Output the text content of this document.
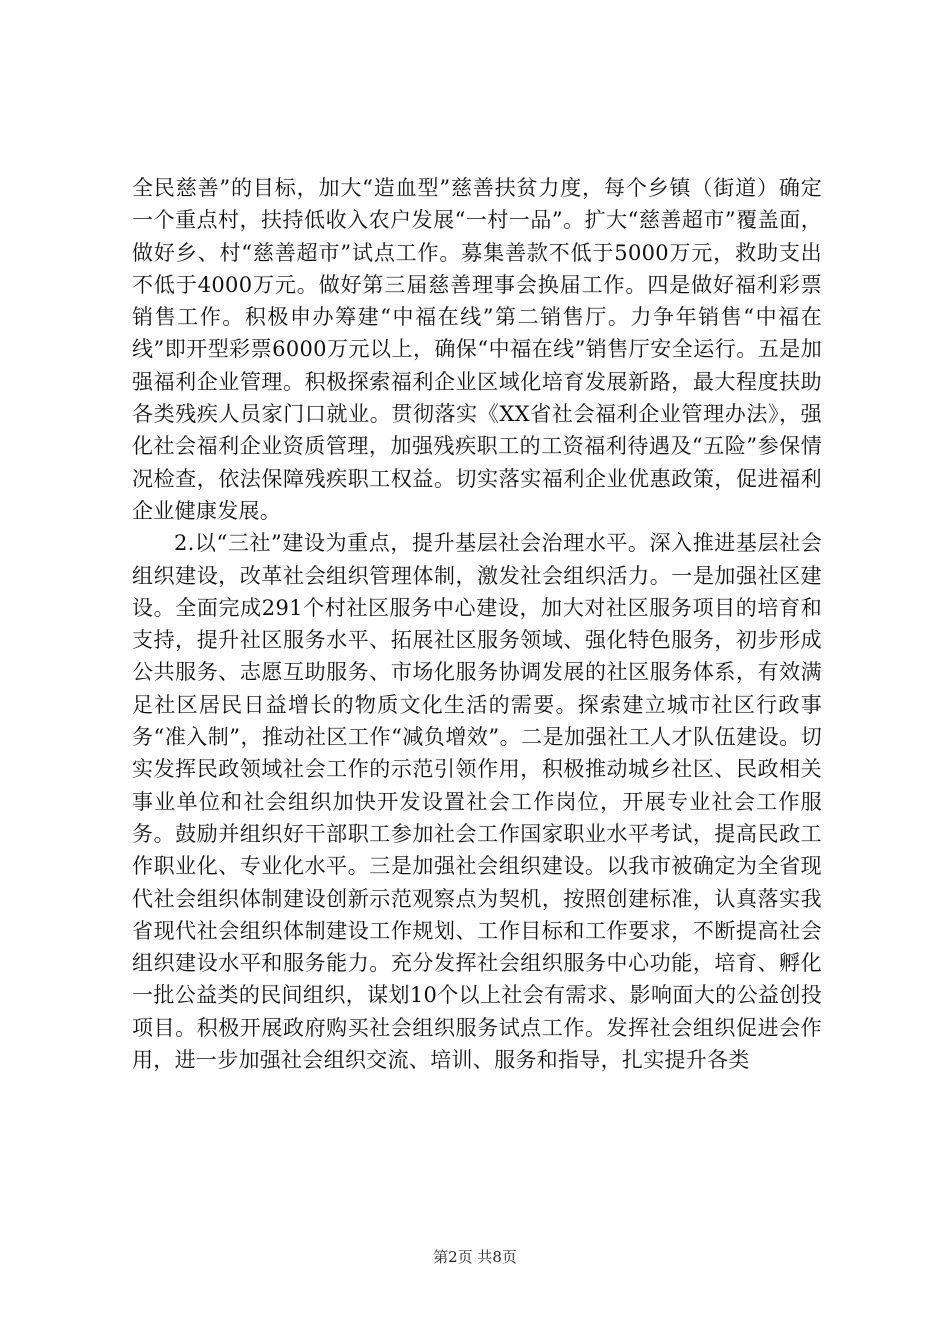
全民慈善”的目标，加大“造血型”慈善扶贫力度，每个乡镇（街道）确定一个重点村，扶持低收入农户发展“一村一品”。扩大“慈善超市”覆盖面，做好乡、村“慈善超市”试点工作。募集善款不低于5000万元，救助支出不低于4000万元。做好第三届慈善理事会换届工作。四是做好福利彩票销售工作。积极申办筹建“中福在线”第二销售厅。力争年销售“中福在线”即开型彩票6000万元以上，确保“中福在线”销售厅安全运行。五是加强福利企业管理。积极探索福利企业区域化培育发展新路，最大程度扶助各类残疾人员家门口就业。贯彻落实《XX省社会福利企业管理办法》，强化社会福利企业资质管理，加强残疾职工的工资福利待遇及“五险”参保情况检查，依法保障残疾职工权益。切实落实福利企业优惠政策，促进福利企业健康发展。

2.以“三社”建设为重点，提升基层社会治理水平。深入推进基层社会组织建设，改革社会组织管理体制，激发社会组织活力。一是加强社区建设。全面完成291个村社区服务中心建设，加大对社区服务项目的培育和支持，提升社区服务水平、拓展社区服务领域、强化特色服务，初步形成公共服务、志愿互助服务、市场化服务协调发展的社区服务体系，有效满足社区居民日益增长的物质文化生活的需要。探索建立城市社区行政事务“准入制”，推动社区工作“减负增效”。二是加强社工人才队伍建设。切实发挥民政领域社会工作的示范引领作用，积极推动城乡社区、民政相关事业单位和社会组织加快开发设置社会工作岗位，开展专业社会工作服务。鼓励并组织好干部职工参加社会工作国家职业水平考试，提高民政工作职业化、专业化水平。三是加强社会组织建设。以我市被确定为全省现代社会组织体制建设创新示范观察点为契机，按照创建标准，认真落实我省现代社会组织体制建设工作规划、工作目标和工作要求，不断提高社会组织建设水平和服务能力。充分发挥社会组织服务中心功能，培育、孵化一批公益类的民间组织，谋划10个以上社会有需求、影响面大的公益创投项目。积极开展政府购买社会组织服务试点工作。发挥社会组织促进会作用，进一步加强社会组织交流、培训、服务和指导，扎实提升各类

第2页 共8页
